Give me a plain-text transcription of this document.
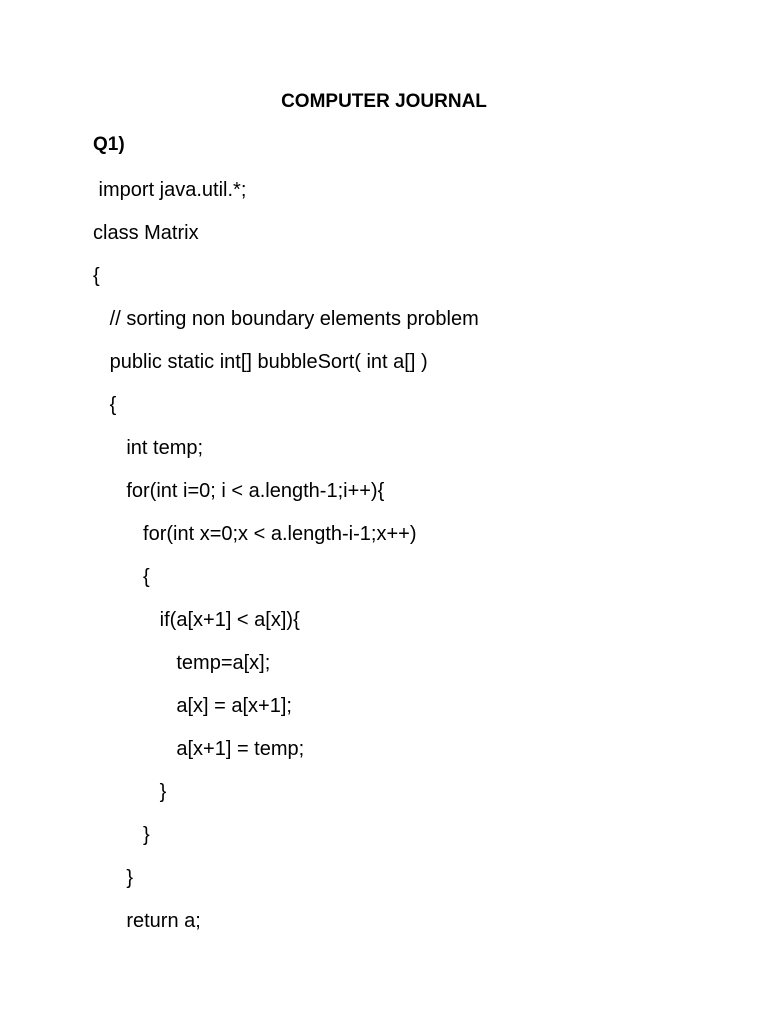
COMPUTER JOURNAL
Q1)
import java.util.*;
class Matrix
{
// sorting non boundary elements problem
public static int[] bubbleSort( int a[] )
{
int temp;
for(int i=0; i < a.length-1;i++){
for(int x=0;x < a.length-i-1;x++)
{
if(a[x+1] < a[x]){
temp=a[x];
a[x] = a[x+1];
a[x+1] = temp;
}
}
}
return a;
